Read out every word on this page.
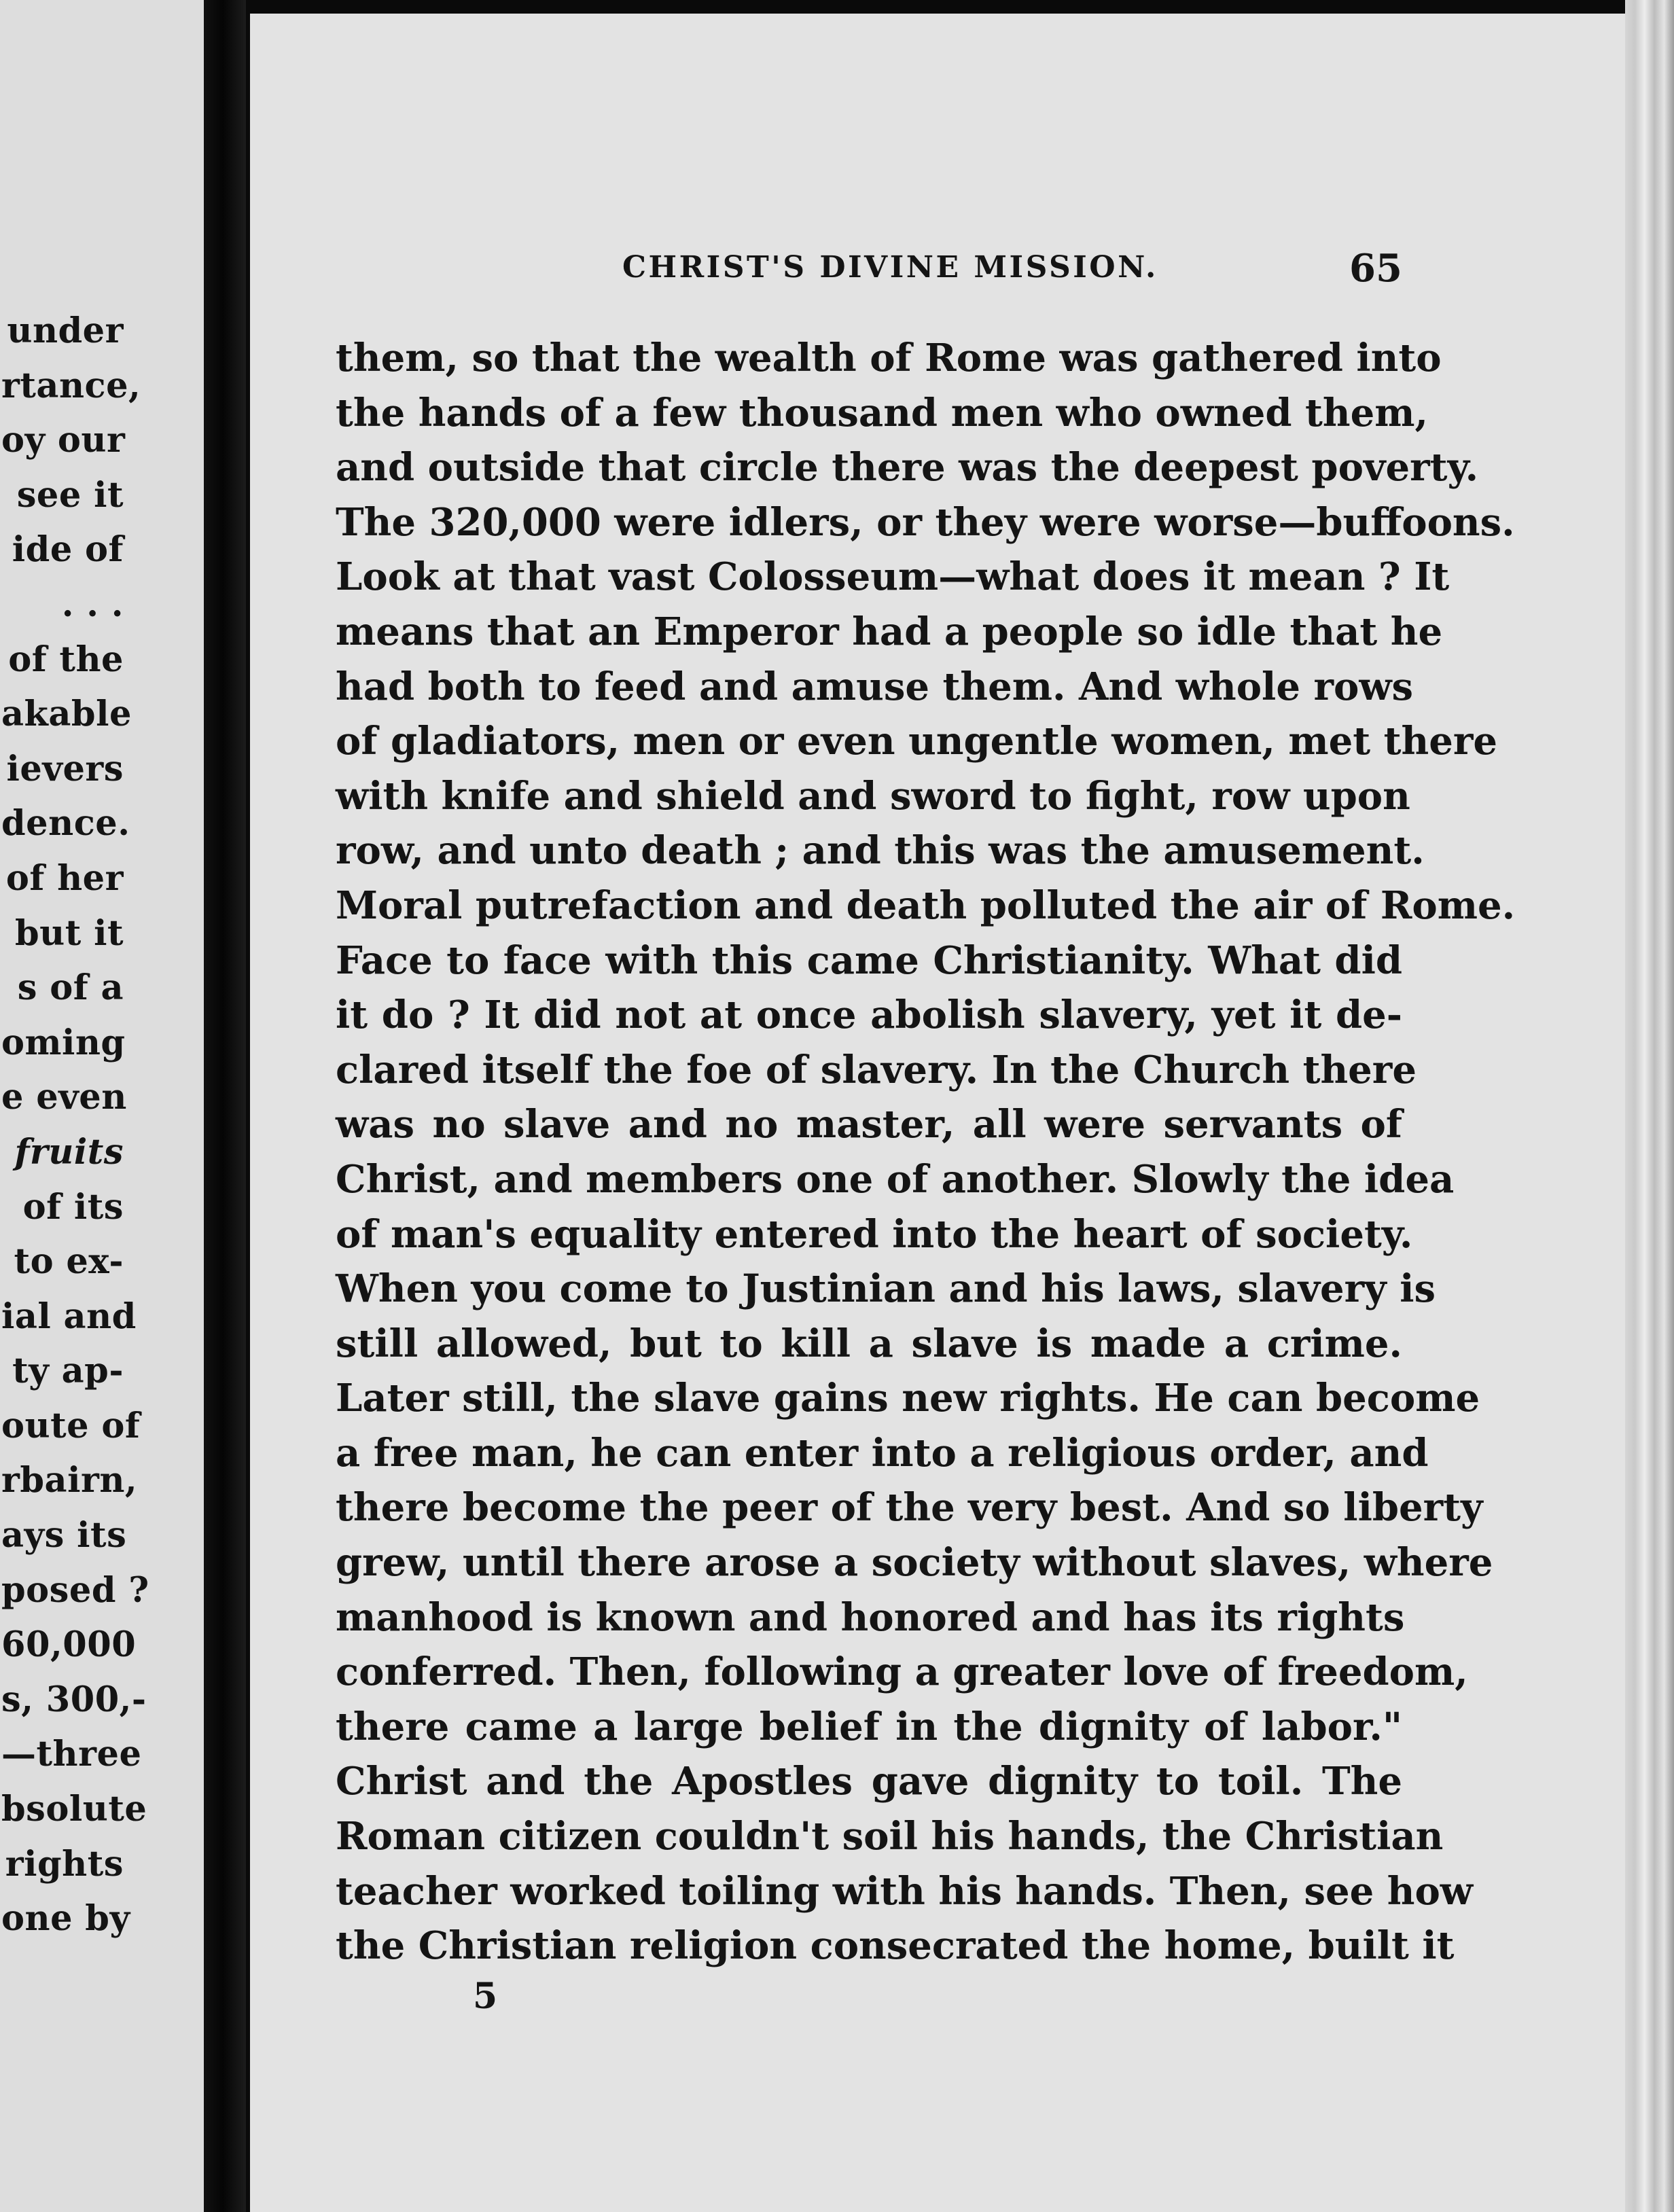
under
rtance,
oy our
see it
ide of
. . .
of the
akable
ievers
dence.
of her
but it
s of a
oming
e even
fruits
of its
to ex-
ial and
ty ap-
oute of
rbairn,
ays its
posed ?
60,000
s, 300,-
—three
bsolute
rights
one by
CHRIST'S DIVINE MISSION.	65
them, so that the wealth of Rome was gathered into
the hands of a few thousand men who owned them,
and outside that circle there was the deepest poverty.
The 320,000 were idlers, or they were worse—buffoons.
Look at that vast Colosseum—what does it mean ? It
means that an Emperor had a people so idle that he
had both to feed and amuse them. And whole rows
of gladiators, men or even ungentle women, met there
with knife and shield and sword to fight, row upon
row, and unto death ; and this was the amusement.
Moral putrefaction and death polluted the air of Rome.
Face to face with this came Christianity. What did
it do ? It did not at once abolish slavery, yet it de-
clared itself the foe of slavery. In the Church there
was no slave and no master, all were servants of
Christ, and members one of another. Slowly the idea
of man's equality entered into the heart of society.
When you come to Justinian and his laws, slavery is
still allowed, but to kill a slave is made a crime.
Later still, the slave gains new rights. He can become
a free man, he can enter into a religious order, and
there become the peer of the very best. And so liberty
grew, until there arose a society without slaves, where
manhood is known and honored and has its rights
conferred. Then, following a greater love of freedom,
there came a large belief in the dignity of labor."
Christ and the Apostles gave dignity to toil. The
Roman citizen couldn't soil his hands, the Christian
teacher worked toiling with his hands. Then, see how
the Christian religion consecrated the home, built it
5
